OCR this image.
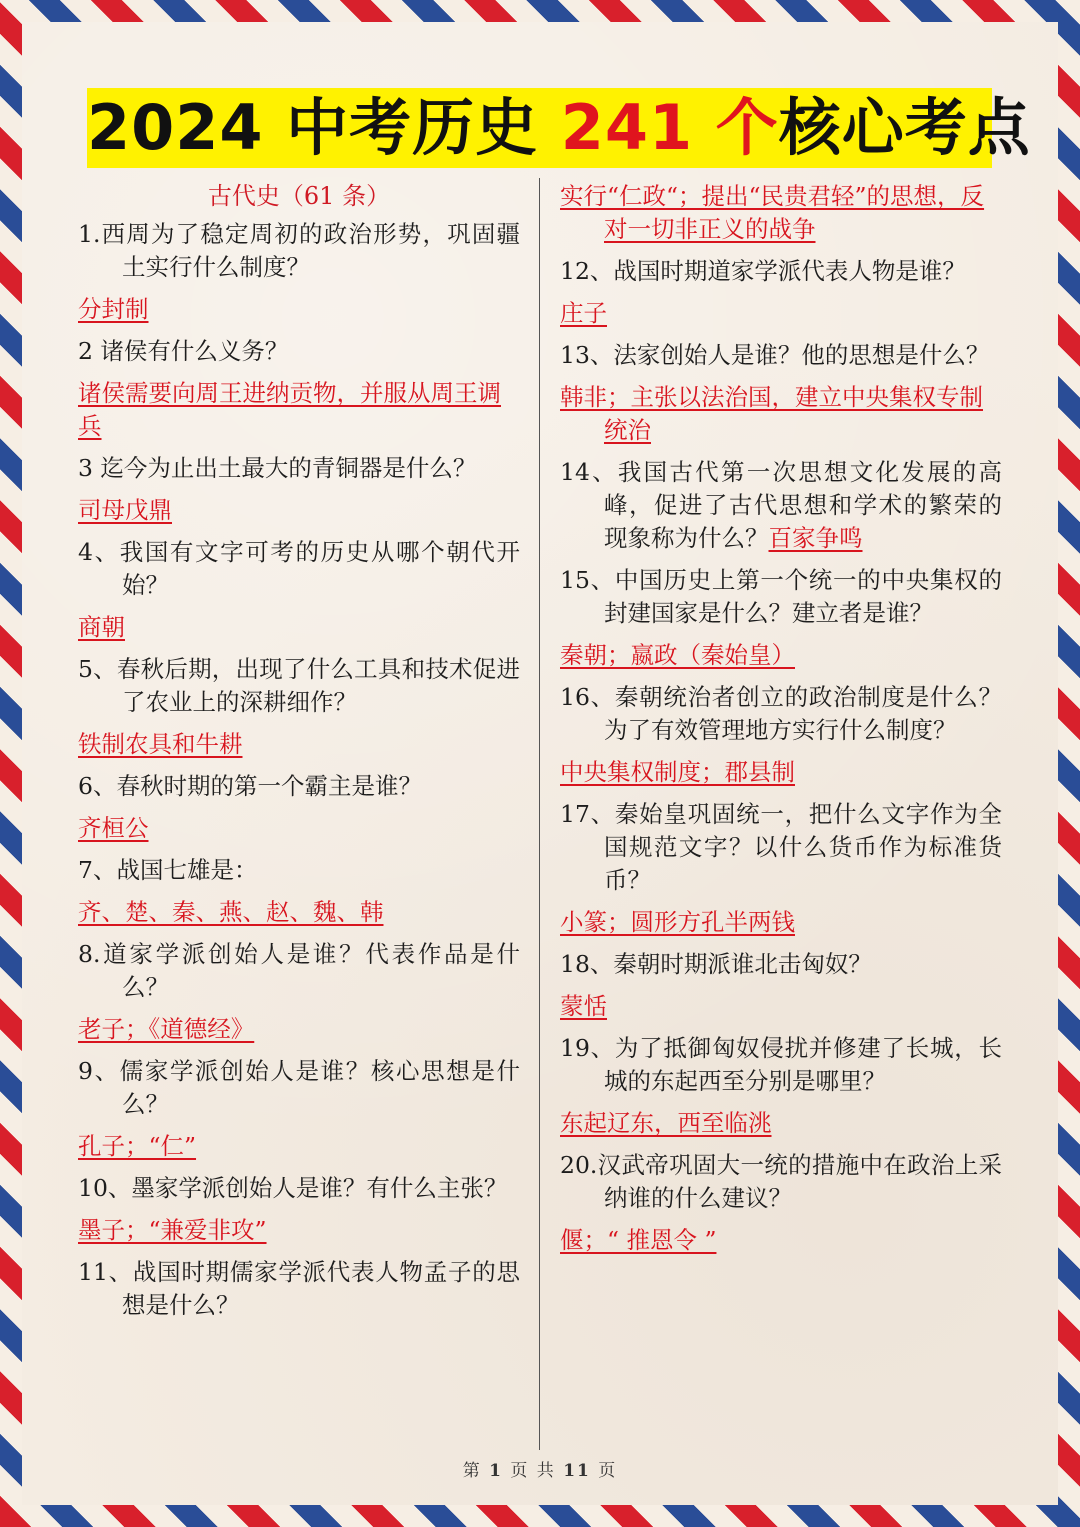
2024 中考历史 241 个核心考点
古代史（61 条）
1.西周为了稳定周初的政治形势，巩固疆土实行什么制度？
分封制
2 诸侯有什么义务？
诸侯需要向周王进纳贡物，并服从周王调兵
3 迄今为止出土最大的青铜器是什么？
司母戊鼎
4、我国有文字可考的历史从哪个朝代开始？
商朝
5、春秋后期，出现了什么工具和技术促进了农业上的深耕细作？
铁制农具和牛耕
6、春秋时期的第一个霸主是谁？
齐桓公
7、战国七雄是：
齐、楚、秦、燕、赵、魏、韩
8.道家学派创始人是谁？代表作品是什么？
老子；《道德经》
9、儒家学派创始人是谁？核心思想是什么？
孔子；“仁”
10、墨家学派创始人是谁？有什么主张？
墨子；“兼爱非攻”
11、战国时期儒家学派代表人物孟子的思想是什么？
实行“仁政“；提出“民贵君轻”的思想，反对一切非正义的战争
12、战国时期道家学派代表人物是谁？
庄子
13、法家创始人是谁？他的思想是什么？
韩非；主张以法治国，建立中央集权专制统治
14、我国古代第一次思想文化发展的高峰，促进了古代思想和学术的繁荣的现象称为什么？百家争鸣
15、中国历史上第一个统一的中央集权的封建国家是什么？建立者是谁？
秦朝；嬴政（秦始皇）
16、秦朝统治者创立的政治制度是什么？为了有效管理地方实行什么制度？
中央集权制度；郡县制
17、秦始皇巩固统一，把什么文字作为全国规范文字？以什么货币作为标准货币？
小篆；圆形方孔半两钱
18、秦朝时期派谁北击匈奴？
蒙恬
19、为了抵御匈奴侵扰并修建了长城，长城的东起西至分别是哪里？
东起辽东，西至临洮
20.汉武帝巩固大一统的措施中在政治上采纳谁的什么建议？
偃；“ 推恩令 ”
第 1 页 共 11 页
